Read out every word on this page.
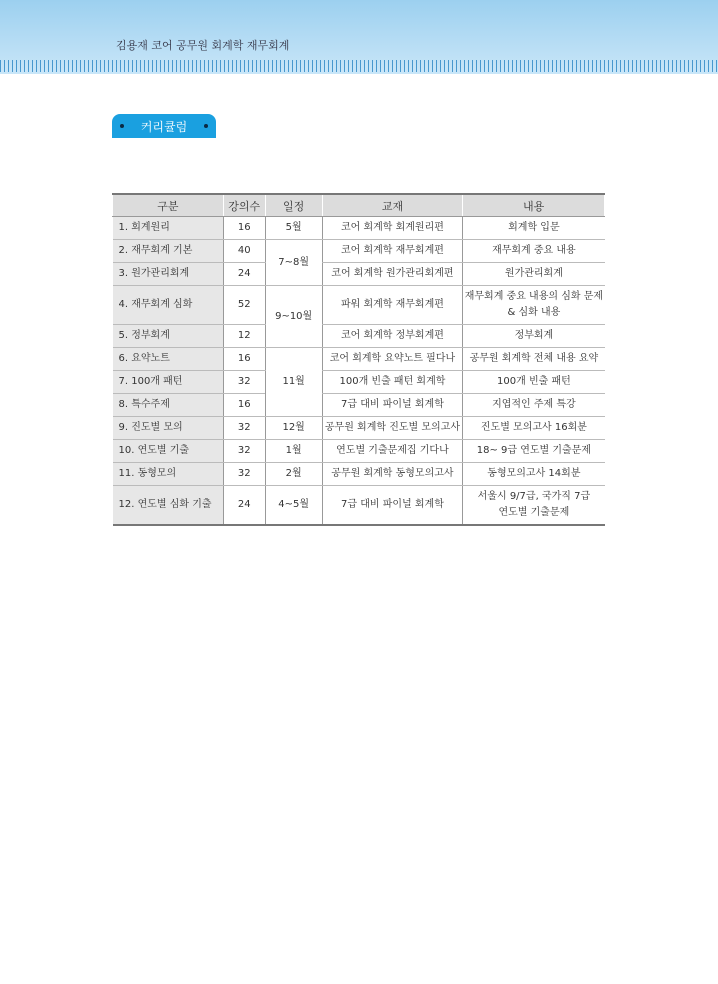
김용재 코어 공무원 회계학 재무회계
커리큘럼
구분	강의수	일정	교재	내용
1. 회계원리	16	5월	코어 회계학 회계원리편	회계학 입문
2. 재무회계 기본	40	7~8월	코어 회계학 재무회계편	재무회계 중요 내용
3. 원가관리회계	24		코어 회계학 원가관리회계편	원가관리회계
4. 재무회계 심화	52	9~10월	파워 회계학 재무회계편	재무회계 중요 내용의 심화 문제
& 심화 내용

5. 정부회계	12		코어 회계학 정부회계편	정부회계
6. 요약노트	16	11월	코어 회계학 요약노트 필다나	공무원 회계학 전체 내용 요약
7. 100개 패턴	32		100개 빈출 패턴 회계학	100개 빈출 패턴
8. 특수주제	16		7급 대비 파이널 회계학	지엽적인 주제 특강
9. 진도별 모의	32	12월	공무원 회계학 진도별 모의고사	진도별 모의고사 16회분
10. 연도별 기출	32	1월	연도별 기출문제집 기다나	18~ 9급 연도별 기출문제
11. 동형모의	32	2월	공무원 회계학 동형모의고사	동형모의고사 14회분
12. 연도별 심화 기출	24	4~5월	7급 대비 파이널 회계학	서울시 9/7급, 국가직 7급
연도별 기출문제
